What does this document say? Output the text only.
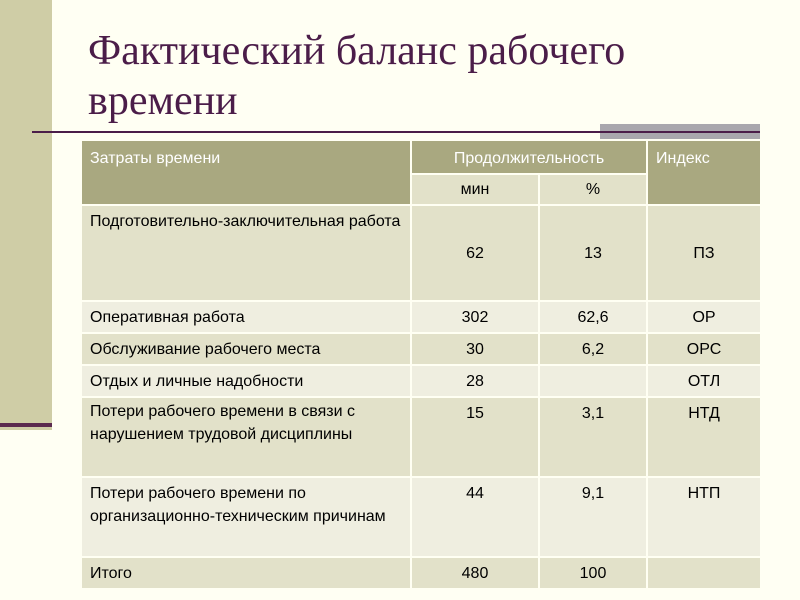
Фактический баланс рабочего времени
Затраты времени	Продолжительность		Индекс
	мин	%	
Подготовительно-заключительная работа	62	13	ПЗ
Оперативная работа	302	62,6	ОР
Обслуживание рабочего места	30	6,2	ОРС
Отдых и личные надобности	28		ОТЛ
Потери рабочего времени в связи с нарушением трудовой дисциплины	15	3,1	НТД
Потери рабочего времени по организационно-техническим причинам	44	9,1	НТП
Итого	480	100	
